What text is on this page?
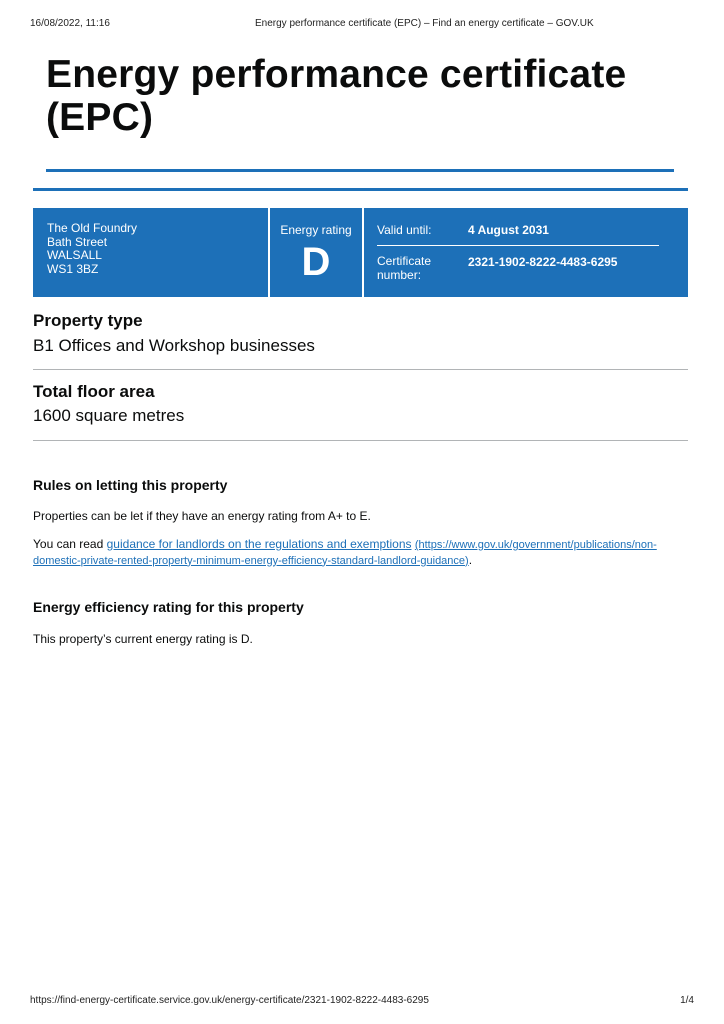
16/08/2022, 11:16	Energy performance certificate (EPC) – Find an energy certificate – GOV.UK
Energy performance certificate (EPC)
The Old Foundry
Bath Street
WALSALL
WS1 3BZ
Energy rating
D
Valid until:	4 August 2031
Certificate number:
2321-1902-8222-4483-6295
Property type
B1 Offices and Workshop businesses
Total floor area
1600 square metres
Rules on letting this property

Properties can be let if they have an energy rating from A+ to E.

You can read guidance for landlords on the regulations and exemptions (https://www.gov.uk/government/publications/non-domestic-private-rented-property-minimum-energy-efficiency-standard-landlord-guidance).

Energy efficiency rating for this property

This property’s current energy rating is D.

https://find-energy-certificate.service.gov.uk/energy-certificate/2321-1902-8222-4483-6295	1/4
